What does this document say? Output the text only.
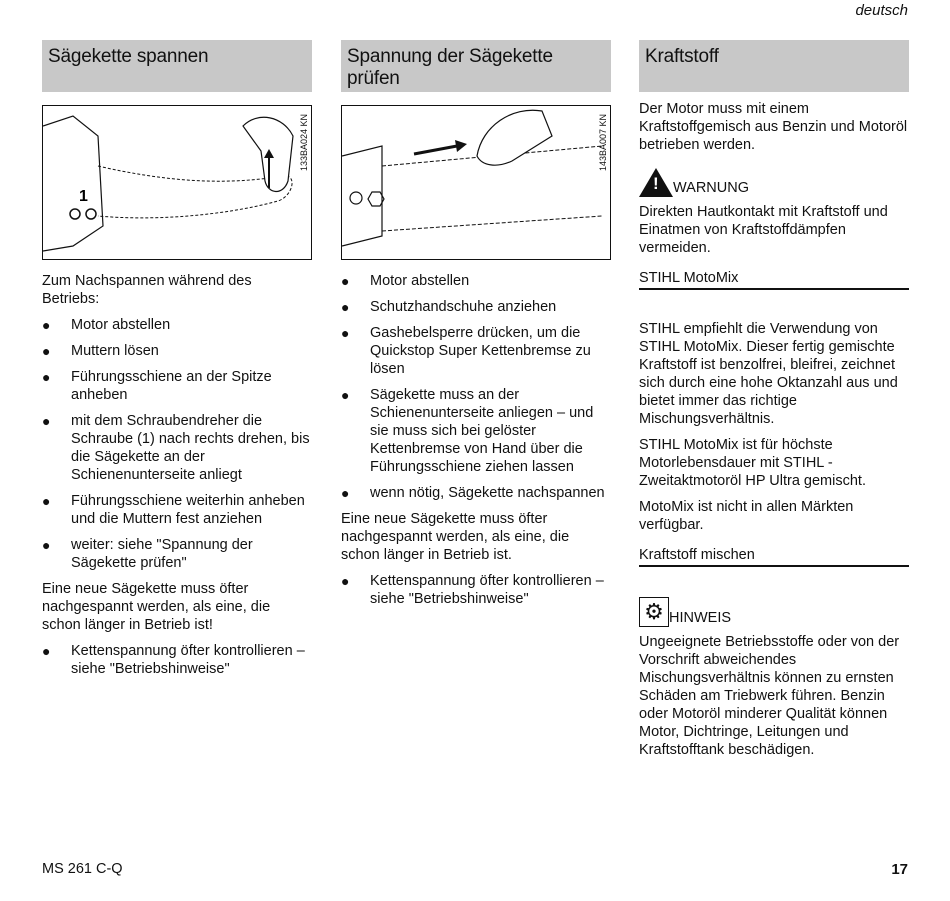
deutsch
Sägekette spannen
1
133BA024 KN

Zum Nachspannen während des Betriebs:

● Motor abstellen
● Muttern lösen
● Führungsschiene an der Spitze anheben
● mit dem Schraubendreher die Schraube (1) nach rechts drehen, bis die Sägekette an der Schienenunterseite anliegt
● Führungsschiene weiterhin anheben und die Muttern fest anziehen
● weiter: siehe "Spannung der Sägekette prüfen"

Eine neue Sägekette muss öfter nachgespannt werden, als eine, die schon länger in Betrieb ist!

● Kettenspannung öfter kontrollieren – siehe "Betriebshinweise"
Spannung der Sägekette prüfen
143BA007 KN
● Motor abstellen
● Schutzhandschuhe anziehen
● Gashebelsperre drücken, um die Quickstop Super Kettenbremse zu lösen
● Sägekette muss an der Schienenunterseite anliegen – und sie muss sich bei gelöster Kettenbremse von Hand über die Führungsschiene ziehen lassen
● wenn nötig, Sägekette nachspannen

Eine neue Sägekette muss öfter nachgespannt werden, als eine, die schon länger in Betrieb ist.

● Kettenspannung öfter kontrollieren – siehe "Betriebshinweise"
Kraftstoff

Der Motor muss mit einem Kraftstoffgemisch aus Benzin und Motoröl betrieben werden.

! WARNUNG

Direkten Hautkontakt mit Kraftstoff und Einatmen von Kraftstoffdämpfen vermeiden.

STIHL MotoMix

STIHL empfiehlt die Verwendung von STIHL MotoMix. Dieser fertig gemischte Kraftstoff ist benzolfrei, bleifrei, zeichnet sich durch eine hohe Oktanzahl aus und bietet immer das richtige Mischungsverhältnis.

STIHL MotoMix ist für höchste Motorlebensdauer mit STIHL - Zweitaktmotoröl HP Ultra gemischt.

MotoMix ist nicht in allen Märkten verfügbar.

Kraftstoff mischen
⚙ HINWEIS

Ungeeignete Betriebsstoffe oder von der Vorschrift abweichendes Mischungsverhältnis können zu ernsten Schäden am Triebwerk führen. Benzin oder Motoröl minderer Qualität können Motor, Dichtringe, Leitungen und Kraftstofftank beschädigen.

MS 261 C-Q	17
